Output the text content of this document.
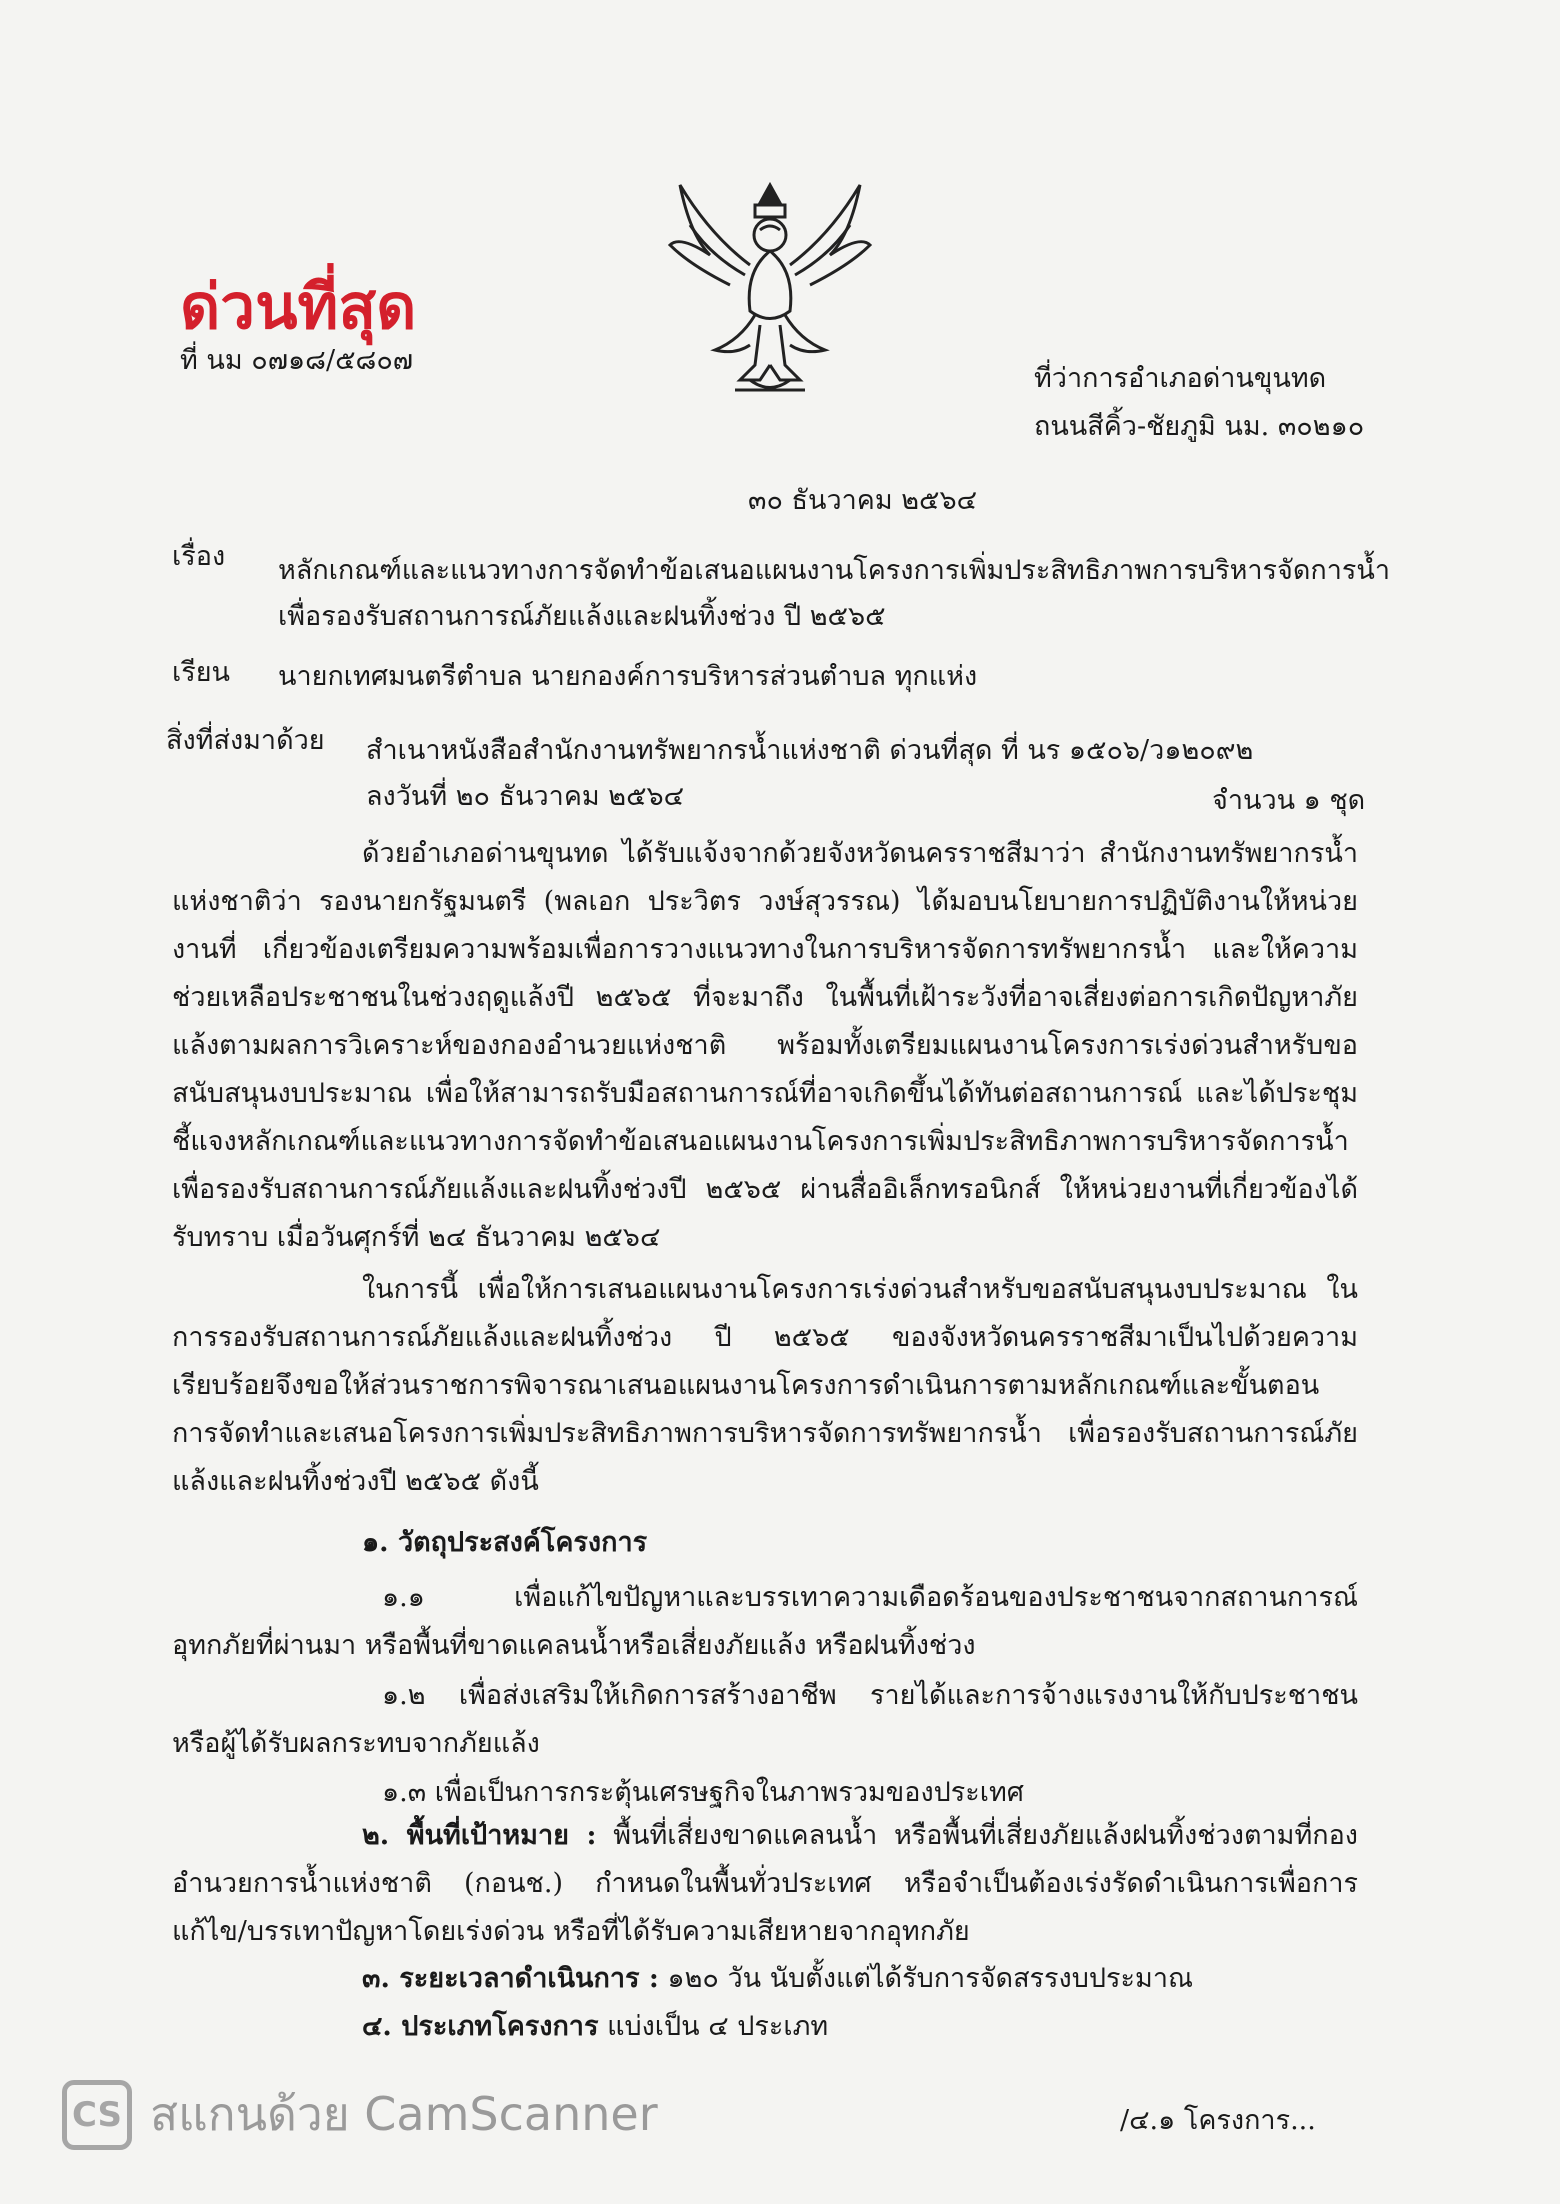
ด่วนที่สุด
ที่ นม ๐๗๑๘/๕๘๐๗
ที่ว่าการอำเภอด่านขุนทด
ถนนสีคิ้ว-ชัยภูมิ นม. ๓๐๒๑๐
๓๐ ธันวาคม ๒๕๖๔
เรื่อง หลักเกณฑ์และแนวทางการจัดทำข้อเสนอแผนงานโครงการเพิ่มประสิทธิภาพการบริหารจัดการน้ำ
เพื่อรองรับสถานการณ์ภัยแล้งและฝนทิ้งช่วง ปี ๒๕๖๕
เรียน นายกเทศมนตรีตำบล นายกองค์การบริหารส่วนตำบล ทุกแห่ง
สิ่งที่ส่งมาด้วย สำเนาหนังสือสำนักงานทรัพยากรน้ำแห่งชาติ ด่วนที่สุด ที่ นร ๑๕๐๖/ว๑๒๐๙๒
ลงวันที่ ๒๐ ธันวาคม ๒๕๖๔	จำนวน ๑ ชุด
ด้วยอำเภอด่านขุนทด ได้รับแจ้งจากด้วยจังหวัดนครราชสีมาว่า สำนักงานทรัพยากรน้ำแห่งชาติว่า รองนายกรัฐมนตรี (พลเอก ประวิตร วงษ์สุวรรณ) ได้มอบนโยบายการปฏิบัติงานให้หน่วยงานที่ เกี่ยวข้องเตรียมความพร้อมเพื่อการวางแนวทางในการบริหารจัดการทรัพยากรน้ำ และให้ความช่วยเหลือประชาชนในช่วงฤดูแล้งปี ๒๕๖๕ ที่จะมาถึง ในพื้นที่เฝ้าระวังที่อาจเสี่ยงต่อการเกิดปัญหาภัยแล้งตามผลการวิเคราะห์ของกองอำนวยแห่งชาติ พร้อมทั้งเตรียมแผนงานโครงการเร่งด่วนสำหรับขอสนับสนุนงบประมาณ เพื่อให้สามารถรับมือสถานการณ์ที่อาจเกิดขึ้นได้ทันต่อสถานการณ์ และได้ประชุมชี้แจงหลักเกณฑ์และแนวทางการจัดทำข้อเสนอแผนงานโครงการเพิ่มประสิทธิภาพการบริหารจัดการน้ำเพื่อรองรับสถานการณ์ภัยแล้งและฝนทิ้งช่วงปี ๒๕๖๕ ผ่านสื่ออิเล็กทรอนิกส์ ให้หน่วยงานที่เกี่ยวข้องได้รับทราบ เมื่อวันศุกร์ที่ ๒๔ ธันวาคม ๒๕๖๔
ในการนี้ เพื่อให้การเสนอแผนงานโครงการเร่งด่วนสำหรับขอสนับสนุนงบประมาณ ในการรองรับสถานการณ์ภัยแล้งและฝนทิ้งช่วง ปี ๒๕๖๕ ของจังหวัดนครราชสีมาเป็นไปด้วยความเรียบร้อยจึงขอให้ส่วนราชการพิจารณาเสนอแผนงานโครงการดำเนินการตามหลักเกณฑ์และขั้นตอนการจัดทำและเสนอโครงการเพิ่มประสิทธิภาพการบริหารจัดการทรัพยากรน้ำ เพื่อรองรับสถานการณ์ภัยแล้งและฝนทิ้งช่วงปี ๒๕๖๕ ดังนี้
๑. วัตถุประสงค์โครงการ
๑.๑ เพื่อแก้ไขปัญหาและบรรเทาความเดือดร้อนของประชาชนจากสถานการณ์อุทกภัยที่ผ่านมา หรือพื้นที่ขาดแคลนน้ำหรือเสี่ยงภัยแล้ง หรือฝนทิ้งช่วง
๑.๒ เพื่อส่งเสริมให้เกิดการสร้างอาชีพ รายได้และการจ้างแรงงานให้กับประชาชน หรือผู้ได้รับผลกระทบจากภัยแล้ง
๑.๓ เพื่อเป็นการกระตุ้นเศรษฐกิจในภาพรวมของประเทศ
๒. พื้นที่เป้าหมาย : พื้นที่เสี่ยงขาดแคลนน้ำ หรือพื้นที่เสี่ยงภัยแล้งฝนทิ้งช่วงตามที่กองอำนวยการน้ำแห่งชาติ (กอนช.) กำหนดในพื้นทั่วประเทศ หรือจำเป็นต้องเร่งรัดดำเนินการเพื่อการแก้ไข/บรรเทาปัญหาโดยเร่งด่วน หรือที่ได้รับความเสียหายจากอุทกภัย
๓. ระยะเวลาดำเนินการ : ๑๒๐ วัน นับตั้งแต่ได้รับการจัดสรรงบประมาณ
๔. ประเภทโครงการ แบ่งเป็น ๔ ประเภท
CS สแกนด้วย CamScanner	/๔.๑ โครงการ...
